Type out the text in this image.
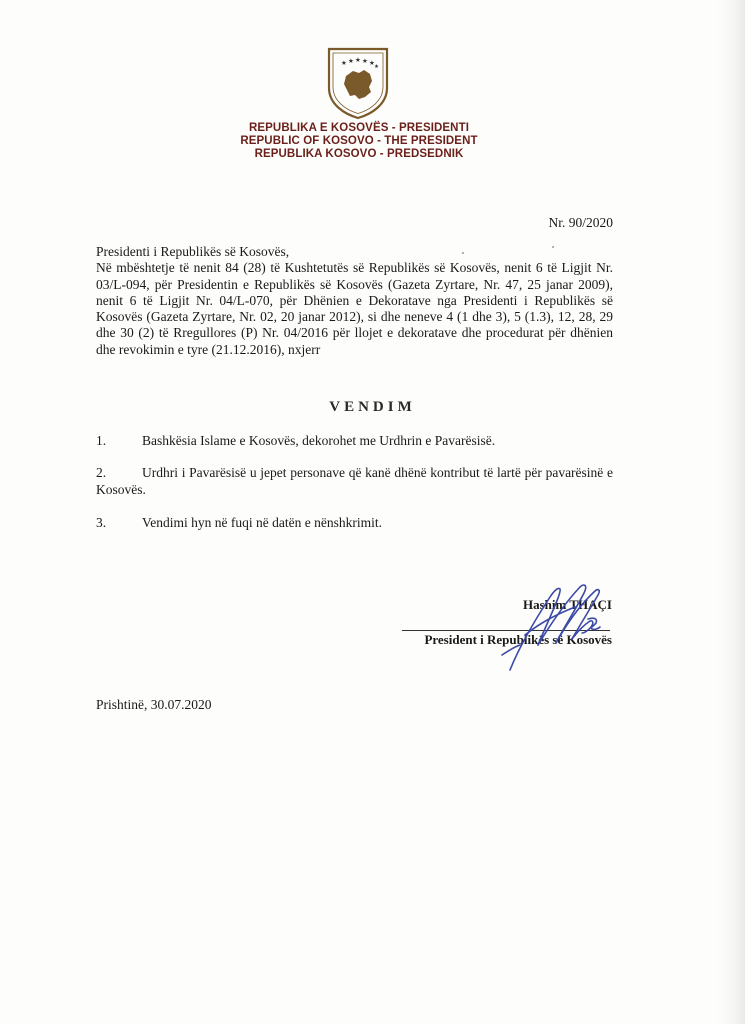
★ ★ ★ ★ ★ ★
REPUBLIKA E KOSOVËS - PRESIDENTI
REPUBLIC OF KOSOVO - THE PRESIDENT
REPUBLIKA KOSOVO - PREDSEDNIK
Nr. 90/2020
Presidenti i Republikës së Kosovës,
Në mbështetje të nenit 84 (28) të Kushtetutës së Republikës së Kosovës, nenit 6 të Ligjit Nr. 03/L-094, për Presidentin e Republikës së Kosovës (Gazeta Zyrtare, Nr. 47, 25 janar 2009), nenit 6 të Ligjit Nr. 04/L-070, për Dhënien e Dekoratave nga Presidenti i Republikës së Kosovës (Gazeta Zyrtare, Nr. 02, 20 janar 2012), si dhe neneve 4 (1 dhe 3), 5 (1.3), 12, 28, 29 dhe 30 (2) të Rregullores (P) Nr. 04/2016 për llojet e dekoratave dhe procedurat për dhënien dhe revokimin e tyre (21.12.2016), nxjerr
VENDIM
1.	Bashkësia Islame e Kosovës, dekorohet me Urdhrin e Pavarësisë.
2.	Urdhri i Pavarësisë u jepet personave që kanë dhënë kontribut të lartë për pavarësinë e Kosovës.
3.	Vendimi hyn në fuqi në datën e nënshkrimit.
Hashim THAÇI
President i Republikës së Kosovës
Prishtinë, 30.07.2020
